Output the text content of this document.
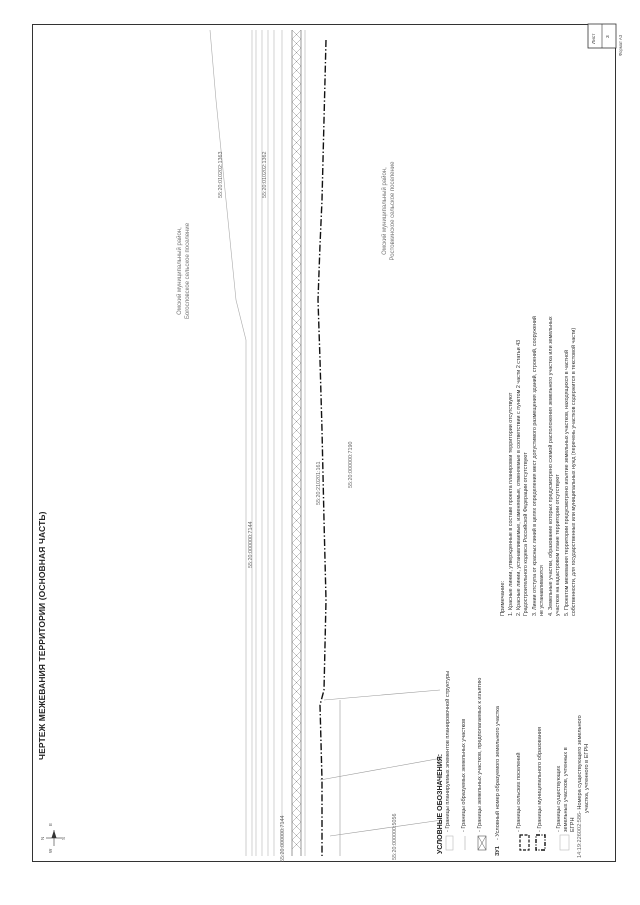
ЧЕРТЕЖ МЕЖЕВАНИЯ ТЕРРИТОРИИ (ОСНОВНАЯ ЧАСТЬ)
W
E
N	S	УСЛОВНЫЕ ОБОЗНАЧЕНИЯ: - Границы планируемых элементов планировочной структуры - Границы образуемых земельных участков - Границы земельных участков, предполагаемых к изъятию
ЗУ1
- Условный номер образуемого земельного участка	- Границы сельских поселений	- Границы муниципального образования - Границы существующих земельных участков, учтенных в ЕГРН 14:19:226002:586
- Номера существующего земельного участка, учтенного в ЕГРН
Примечание: 1. Красные линии, утвержденные в составе проекта планировки территории отсутствуют 2. Красные линии, устанавливаемые, изменяемые, отменяемые в соответствии с пунктом 2 части 2 статьи 43 Градостроительного кодекса Российской Федерации отсутствуют 3. Линии отступа от красных линий в целях определения мест допустимого размещения зданий, строений, сооружений не устанавливаются 4. Земельные участки, образование которых предусмотрено схемой расположения земельного участка или земельных участков на кадастровом плане территории отсутствуют 5. Проектом межевания территории предусмотрено изъятие земельных участков, находящихся в частной собственности, для государственных или муниципальных нужд (перечень участков содержится в текстовой части)
55:20:000000:5056
55:20:000000:7144
55:20:000000:7144
55:20:210201:161	55:20:000000:7190
55:20:010202:1363	55:20:010202:1362
Омский муниципальный район, Богословское сельское поселение
Омский муниципальный район, Ростовкинское сельское поселение
Лист 3 Формат А3
